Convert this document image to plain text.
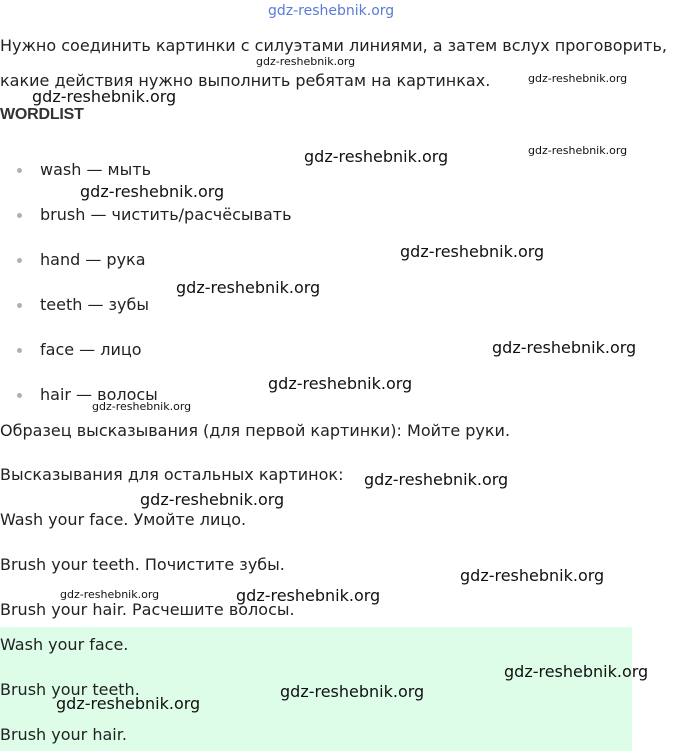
gdz-reshebnik.org
Нужно соединить картинки с силуэтами линиями, а затем вслух проговорить,
какие действия нужно выполнить ребятам на картинках.
WORDLIST
wash — мыть
brush — чистить/расчёсывать
hand — рука
teeth — зубы
face — лицо
hair — волосы
Образец высказывания (для первой картинки): Мойте руки.
Высказывания для остальных картинок:
Wash your face. Умойте лицо.
Brush your teeth. Почистите зубы.
Brush your hair. Расчешите волосы.
Wash your face.
Brush your teeth.
Brush your hair.
gdz-reshebnik.org
gdz-reshebnik.org
gdz-reshebnik.org
gdz-reshebnik.org	gdz-reshebnik.org
gdz-reshebnik.org
gdz-reshebnik.org
gdz-reshebnik.org
gdz-reshebnik.org
gdz-reshebnik.org
gdz-reshebnik.org
gdz-reshebnik.org
gdz-reshebnik.org
gdz-reshebnik.org
gdz-reshebnik.org	gdz-reshebnik.org
gdz-reshebnik.org
gdz-reshebnik.org
gdz-reshebnik.org
